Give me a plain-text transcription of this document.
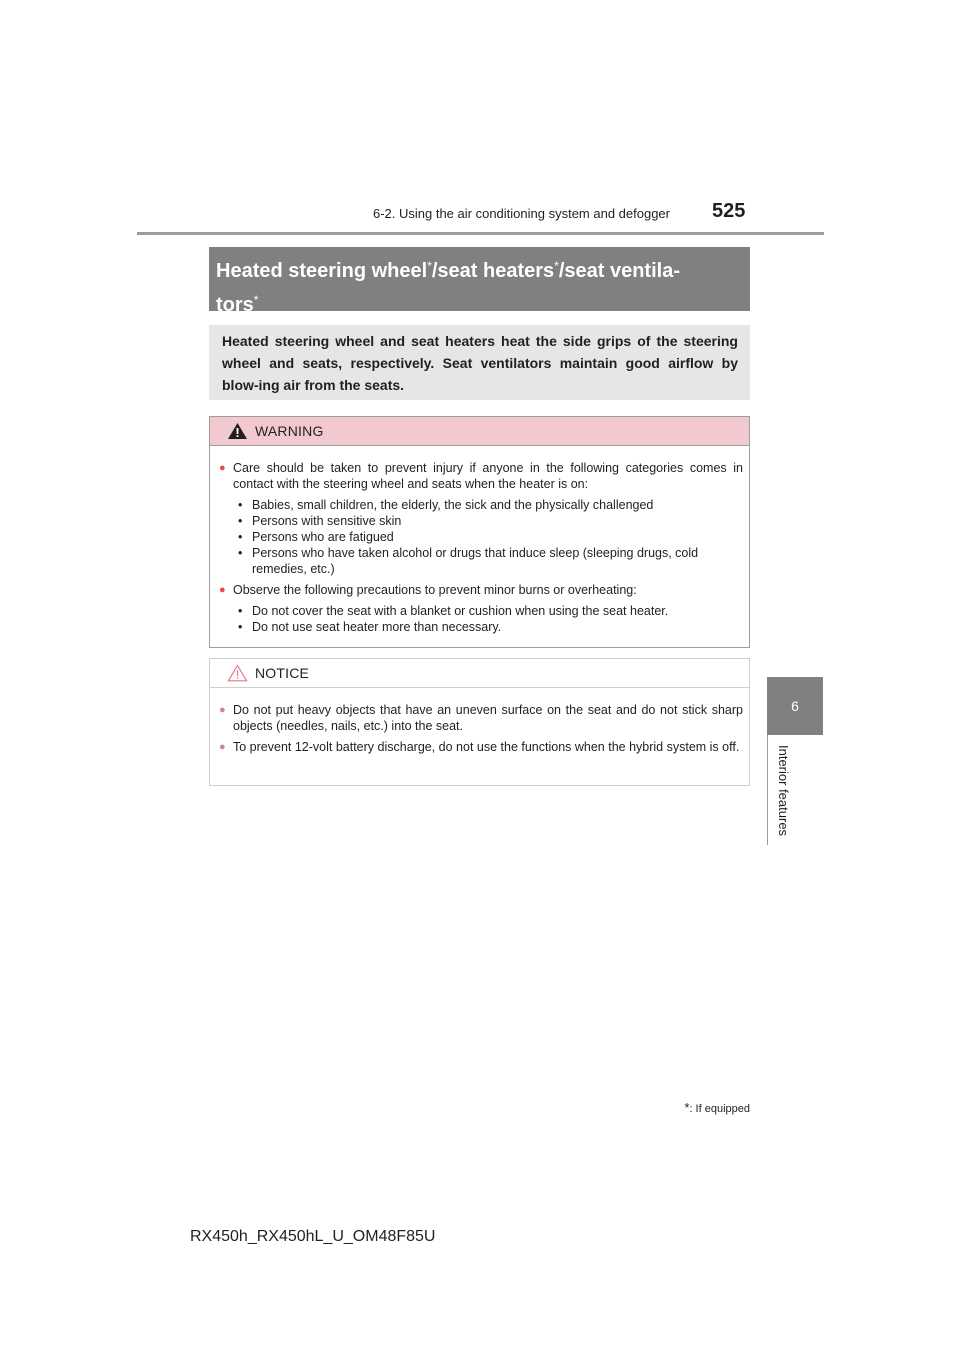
6-2. Using the air conditioning system and defogger 525
6
Interior features
Heated steering wheel*/seat heaters*/seat ventila-
tors*
Heated steering wheel and seat heaters heat the side grips of the steering wheel and seats, respectively. Seat ventilators maintain good airflow by blow-ing air from the seats.
WARNING
● Care should be taken to prevent injury if anyone in the following categories comes in contact with the steering wheel and seats when the heater is on:
• Babies, small children, the elderly, the sick and the physically challenged
• Persons with sensitive skin
• Persons who are fatigued
• Persons who have taken alcohol or drugs that induce sleep (sleeping drugs, cold remedies, etc.)
● Observe the following precautions to prevent minor burns or overheating:
• Do not cover the seat with a blanket or cushion when using the seat heater.
• Do not use seat heater more than necessary.
NOTICE
● Do not put heavy objects that have an uneven surface on the seat and do not stick sharp objects (needles, nails, etc.) into the seat.
● To prevent 12-volt battery discharge, do not use the functions when the hybrid system is off.
*: If equipped
RX450h_RX450hL_U_OM48F85U
